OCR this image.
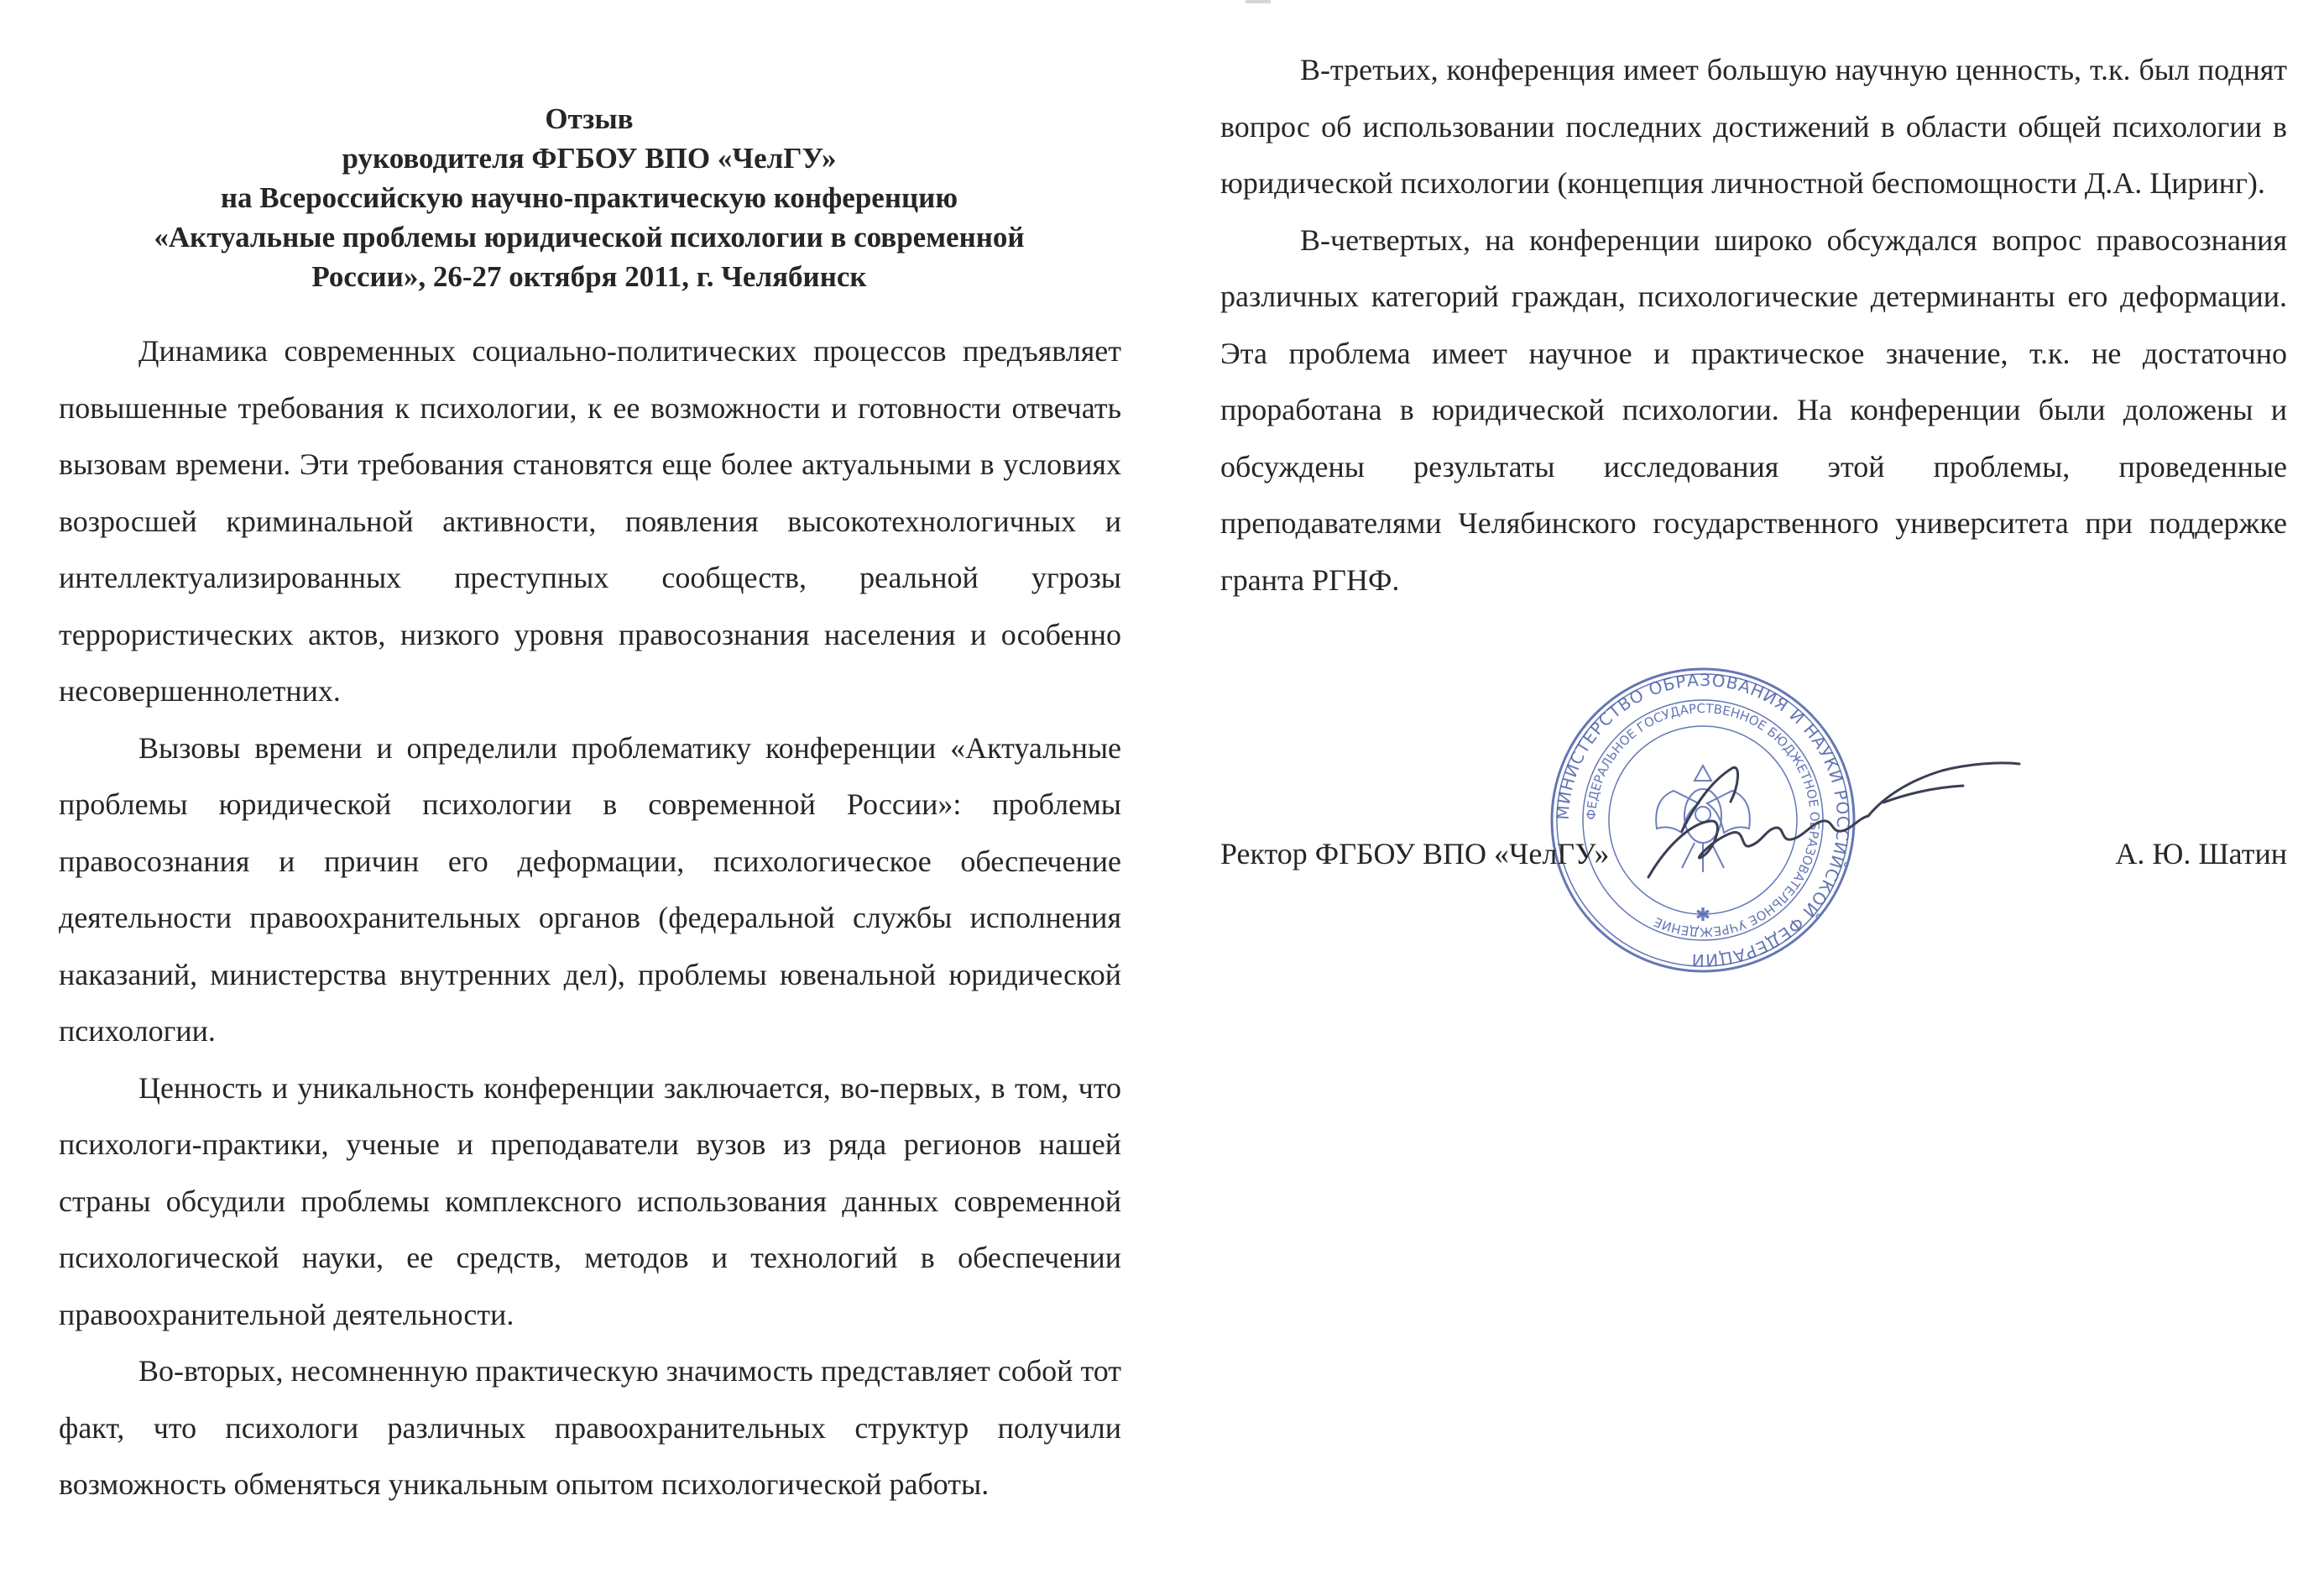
Отзыв
руководителя ФГБОУ ВПО «ЧелГУ»
на Всероссийскую научно-практическую конференцию
«Актуальные проблемы юридической психологии в современной
России», 26-27 октября 2011, г. Челябинск

Динамика современных социально-политических процессов предъявляет повышенные требования к психологии, к ее возможности и готовности отвечать вызовам времени. Эти требования становятся еще более актуальными в условиях возросшей криминальной активности, появления высокотехнологичных и интеллектуализированных преступных сообществ, реальной угрозы террористических актов, низкого уровня правосознания населения и особенно несовершеннолетних.

Вызовы времени и определили проблематику конференции «Актуальные проблемы юридической психологии в современной России»: проблемы правосознания и причин его деформации, психологическое обеспечение деятельности правоохранительных органов (федеральной службы исполнения наказаний, министерства внутренних дел), проблемы ювенальной юридической психологии.

Ценность и уникальность конференции заключается, во-первых, в том, что психологи-практики, ученые и преподаватели вузов из ряда регионов нашей страны обсудили проблемы комплексного использования данных современной психологической науки, ее средств, методов и технологий в обеспечении правоохранительной деятельности.

Во-вторых, несомненную практическую значимость представляет собой тот факт, что психологи различных правоохранительных структур получили возможность обменяться уникальным опытом психологической работы.

В-третьих, конференция имеет большую научную ценность, т.к. был поднят вопрос об использовании последних достижений в области общей психологии в юридической психологии (концепция личностной беспомощности Д.А. Циринг).

В-четвертых, на конференции широко обсуждался вопрос правосознания различных категорий граждан, психологические детерминанты его деформации. Эта проблема имеет научное и практическое значение, т.к. не достаточно проработана в юридической психологии. На конференции были доложены и обсуждены результаты исследования этой проблемы, проведенные преподавателями Челябинского государственного университета при поддержке гранта РГНФ.

МИНИСТЕРСТВО ОБРАЗОВАНИЯ И НАУКИ РОССИЙСКОЙ ФЕДЕРАЦИИ
ФЕДЕРАЛЬНОЕ ГОСУДАРСТВЕННОЕ БЮДЖЕТНОЕ ОБРАЗОВАТЕЛЬНОЕ УЧРЕЖДЕНИЕ	✱
Ректор ФГБОУ ВПО «ЧелГУ»	А. Ю. Шатин
